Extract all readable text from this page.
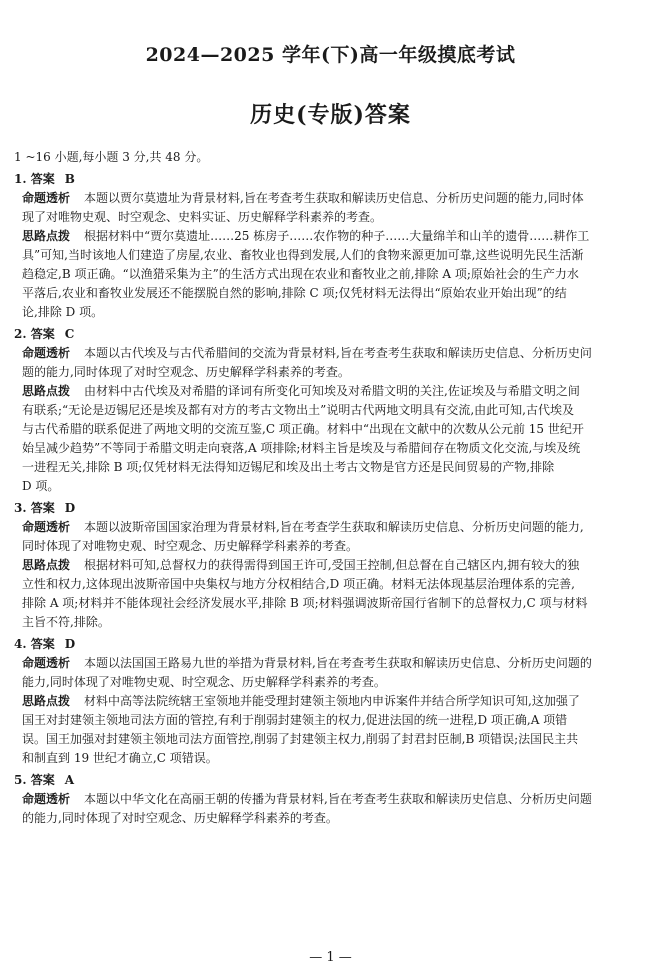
2024—2025 学年(下)高一年级摸底考试
历史(专版)答案
1 ~16 小题,每小题 3 分,共 48 分。
1. 答案 B
命题透析 本题以贾尔莫遗址为背景材料,旨在考查考生获取和解读历史信息、分析历史问题的能力,同时体
现了对唯物史观、时空观念、史料实证、历史解释学科素养的考查。
思路点拨 根据材料中“贾尔莫遗址……25 栋房子……农作物的种子……大量绵羊和山羊的遗骨……耕作工
具”可知,当时该地人们建造了房屋,农业、畜牧业也得到发展,人们的食物来源更加可靠,这些说明先民生活渐
趋稳定,B 项正确。“以渔猎采集为主”的生活方式出现在农业和畜牧业之前,排除 A 项;原始社会的生产力水
平落后,农业和畜牧业发展还不能摆脱自然的影响,排除 C 项;仅凭材料无法得出“原始农业开始出现”的结
论,排除 D 项。
2. 答案 C
命题透析 本题以古代埃及与古代希腊间的交流为背景材料,旨在考查考生获取和解读历史信息、分析历史问
题的能力,同时体现了对时空观念、历史解释学科素养的考查。
思路点拨 由材料中古代埃及对希腊的译词有所变化可知埃及对希腊文明的关注,佐证埃及与希腊文明之间
有联系;“无论是迈锡尼还是埃及都有对方的考古文物出土”说明古代两地文明具有交流,由此可知,古代埃及
与古代希腊的联系促进了两地文明的交流互鉴,C 项正确。材料中“出现在文献中的次数从公元前 15 世纪开
始呈减少趋势”不等同于希腊文明走向衰落,A 项排除;材料主旨是埃及与希腊间存在物质文化交流,与埃及统
一进程无关,排除 B 项;仅凭材料无法得知迈锡尼和埃及出土考古文物是官方还是民间贸易的产物,排除
D 项。
3. 答案 D
命题透析 本题以波斯帝国国家治理为背景材料,旨在考查学生获取和解读历史信息、分析历史问题的能力,
同时体现了对唯物史观、时空观念、历史解释学科素养的考查。
思路点拨 根据材料可知,总督权力的获得需得到国王许可,受国王控制,但总督在自己辖区内,拥有较大的独
立性和权力,这体现出波斯帝国中央集权与地方分权相结合,D 项正确。材料无法体现基层治理体系的完善,
排除 A 项;材料并不能体现社会经济发展水平,排除 B 项;材料强调波斯帝国行省制下的总督权力,C 项与材料
主旨不符,排除。
4. 答案 D
命题透析 本题以法国国王路易九世的举措为背景材料,旨在考查考生获取和解读历史信息、分析历史问题的
能力,同时体现了对唯物史观、时空观念、历史解释学科素养的考查。
思路点拨 材料中高等法院统辖王室领地并能受理封建领主领地内申诉案件并结合所学知识可知,这加强了
国王对封建领主领地司法方面的管控,有利于削弱封建领主的权力,促进法国的统一进程,D 项正确,A 项错
误。国王加强对封建领主领地司法方面管控,削弱了封建领主权力,削弱了封君封臣制,B 项错误;法国民主共
和制直到 19 世纪才确立,C 项错误。
5. 答案 A
命题透析 本题以中华文化在高丽王朝的传播为背景材料,旨在考查考生获取和解读历史信息、分析历史问题
的能力,同时体现了对时空观念、历史解释学科素养的考查。
— 1 —
